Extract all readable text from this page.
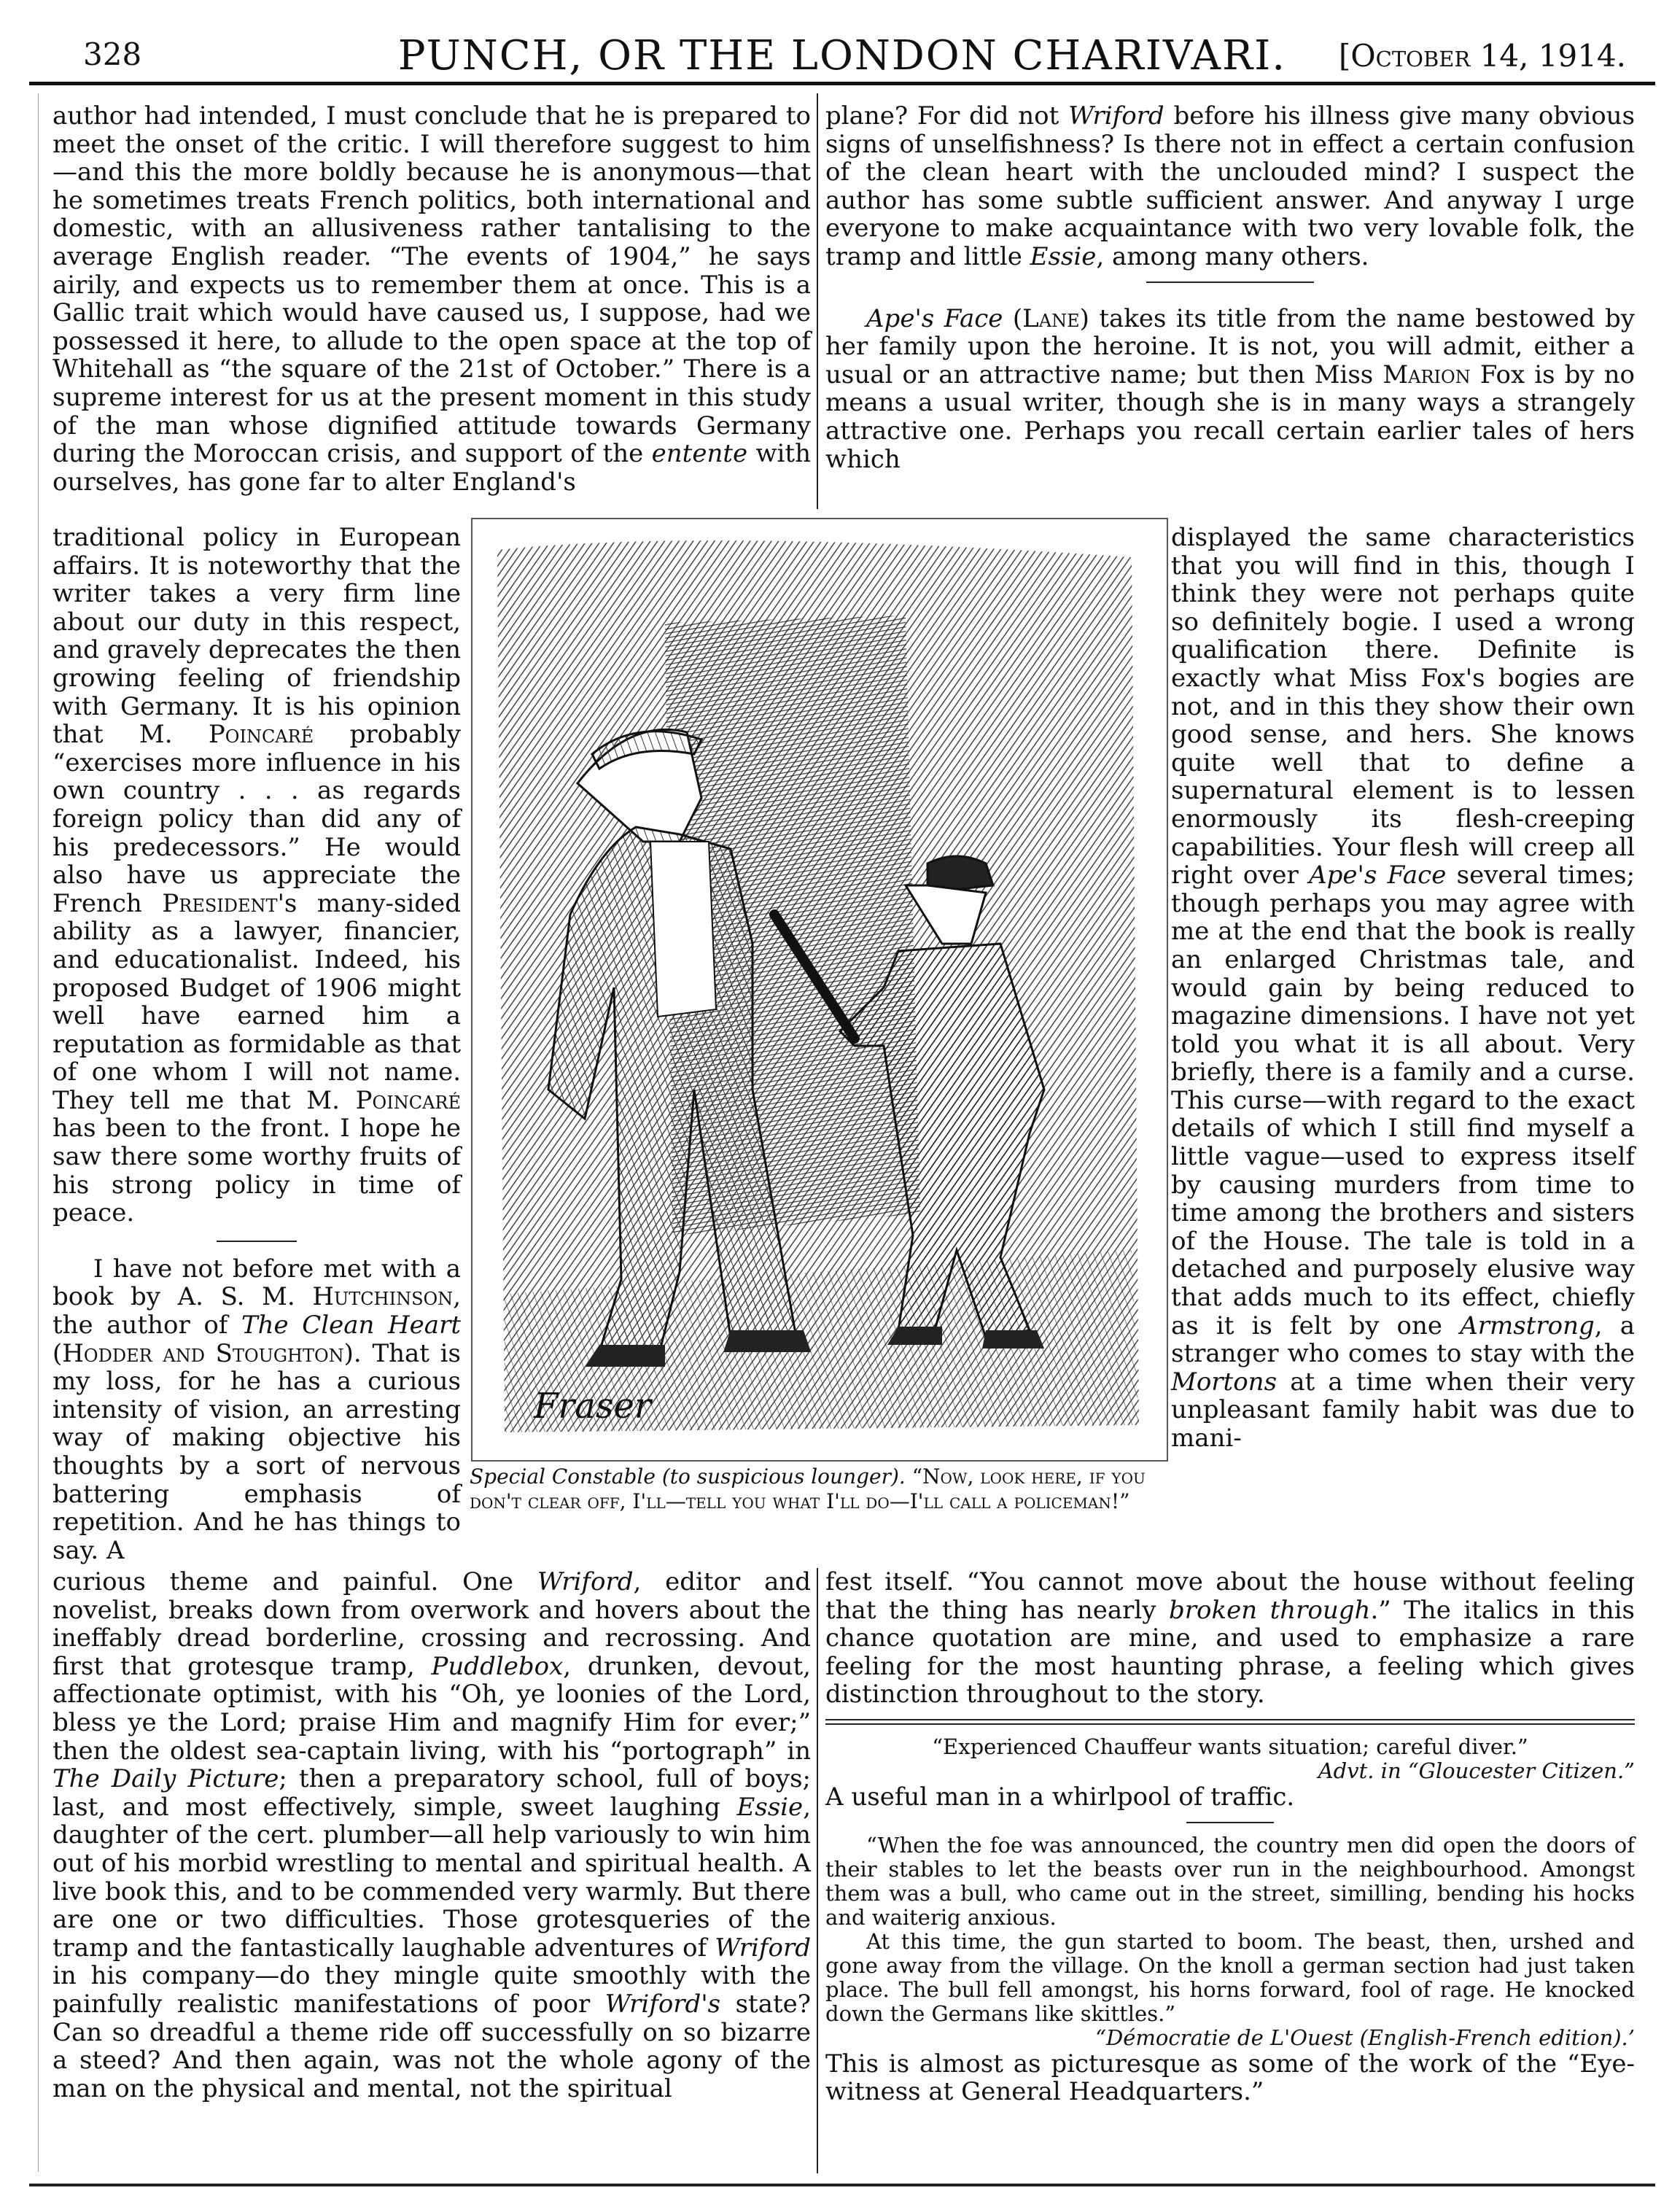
328	PUNCH, OR THE LONDON CHARIVARI.	[October 14, 1914.

author had intended, I must conclude that he is prepared to meet the onset of the critic. I will therefore suggest to him—and this the more boldly because he is anonymous—that he sometimes treats French politics, both international and domestic, with an allusiveness rather tantalising to the average English reader. “The events of 1904,” he says airily, and expects us to remember them at once. This is a Gallic trait which would have caused us, I suppose, had we possessed it here, to allude to the open space at the top of Whitehall as “the square of the 21st of October.” There is a supreme interest for us at the present moment in this study of the man whose dignified attitude towards Germany during the Moroccan crisis, and support of the entente with ourselves, has gone far to alter England's

traditional policy in European affairs. It is noteworthy that the writer takes a very firm line about our duty in this respect, and gravely deprecates the then growing feeling of friendship with Germany. It is his opinion that M. Poincaré probably “exercises more influence in his own country . . . as regards foreign policy than did any of his predecessors.” He would also have us appreciate the French President's many-sided ability as a lawyer, financier, and educationalist. Indeed, his proposed Budget of 1906 might well have earned him a reputation as formidable as that of one whom I will not name. They tell me that M. Poincaré has been to the front. I hope he saw there some worthy fruits of his strong policy in time of peace.

I have not before met with a book by A. S. M. Hutchinson, the author of The Clean Heart (Hodder and Stoughton). That is my loss, for he has a curious intensity of vision, an arresting way of making objective his thoughts by a sort of nervous battering emphasis of repetition. And he has things to say. A

curious theme and painful. One Wriford, editor and novelist, breaks down from overwork and hovers about the ineffably dread borderline, crossing and recrossing. And first that grotesque tramp, Puddlebox, drunken, devout, affectionate optimist, with his “Oh, ye loonies of the Lord, bless ye the Lord; praise Him and magnify Him for ever;” then the oldest sea-captain living, with his “portograph” in The Daily Picture; then a preparatory school, full of boys; last, and most effectively, simple, sweet laughing Essie, daughter of the cert. plumber—all help variously to win him out of his morbid wrestling to mental and spiritual health. A live book this, and to be commended very warmly. But there are one or two difficulties. Those grotesqueries of the tramp and the fantastically laughable adventures of Wriford in his company—do they mingle quite smoothly with the painfully realistic manifestations of poor Wriford's state? Can so dreadful a theme ride off successfully on so bizarre a steed? And then again, was not the whole agony of the man on the physical and mental, not the spiritual

plane? For did not Wriford before his illness give many obvious signs of unselfishness? Is there not in effect a certain confusion of the clean heart with the unclouded mind? I suspect the author has some subtle sufficient answer. And anyway I urge everyone to make acquaintance with two very lovable folk, the tramp and little Essie, among many others.

Ape's Face (Lane) takes its title from the name bestowed by her family upon the heroine. It is not, you will admit, either a usual or an attractive name; but then Miss Marion Fox is by no means a usual writer, though she is in many ways a strangely attractive one. Perhaps you recall certain earlier tales of hers which

Fraser
Special Constable (to suspicious lounger). “Now, look here, if you don't clear off, I'll—tell you what I'll do—I'll call a policeman!”

displayed the same characteristics that you will find in this, though I think they were not perhaps quite so definitely bogie. I used a wrong qualification there. Definite is exactly what Miss Fox's bogies are not, and in this they show their own good sense, and hers. She knows quite well that to define a supernatural element is to lessen enormously its flesh-creeping capabilities. Your flesh will creep all right over Ape's Face several times; though perhaps you may agree with me at the end that the book is really an enlarged Christmas tale, and would gain by being reduced to magazine dimensions. I have not yet told you what it is all about. Very briefly, there is a family and a curse. This curse—with regard to the exact details of which I still find myself a little vague—used to express itself by causing murders from time to time among the brothers and sisters of the House. The tale is told in a detached and purposely elusive way that adds much to its effect, chiefly as it is felt by one Armstrong, a stranger who comes to stay with the Mortons at a time when their very unpleasant family habit was due to mani-

fest itself. “You cannot move about the house without feeling that the thing has nearly broken through.” The italics in this chance quotation are mine, and used to emphasize a rare feeling for the most haunting phrase, a feeling which gives distinction throughout to the story.

“Experienced Chauffeur wants situation; careful diver.”

Advt. in “Gloucester Citizen.”

A useful man in a whirlpool of traffic.

“When the foe was announced, the country men did open the doors of their stables to let the beasts over run in the neighbourhood. Amongst them was a bull, who came out in the street, similling, bending his hocks and waiterig anxious.

At this time, the gun started to boom. The beast, then, urshed and gone away from the village. On the knoll a german section had just taken place. The bull fell amongst, his horns forward, fool of rage. He knocked down the Germans like skittles.”

“Démocratie de L'Ouest (English-French edition).’

This is almost as picturesque as some of the work of the “Eye-witness at General Headquarters.”
